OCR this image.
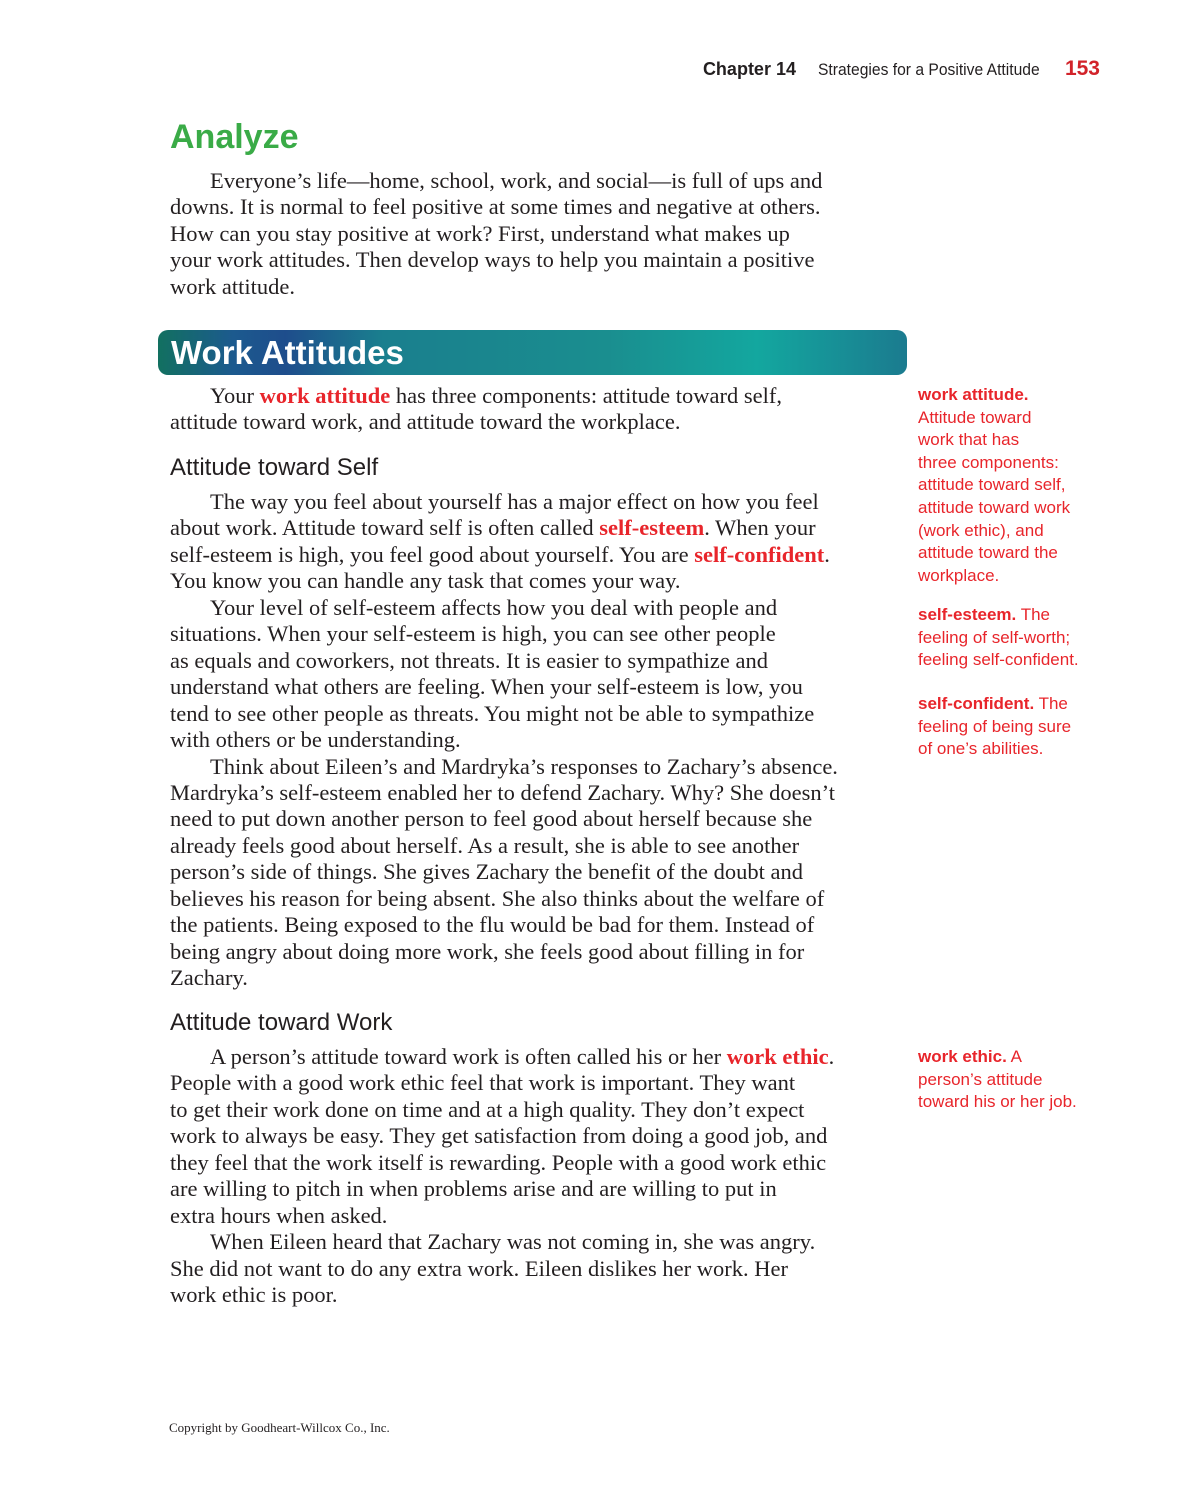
Chapter 14 Strategies for a Positive Attitude 153
Analyze
Everyone’s life—home, school, work, and social—is full of ups and
downs. It is normal to feel positive at some times and negative at others.
How can you stay positive at work? First, understand what makes up
your work attitudes. Then develop ways to help you maintain a positive
work attitude.
Work Attitudes
Your work attitude has three components: attitude toward self,
attitude toward work, and attitude toward the workplace.
Attitude toward Self
The way you feel about yourself has a major effect on how you feel
about work. Attitude toward self is often called self-esteem. When your
self-esteem is high, you feel good about yourself. You are self-confident.
You know you can handle any task that comes your way.
Your level of self-esteem affects how you deal with people and
situations. When your self-esteem is high, you can see other people
as equals and coworkers, not threats. It is easier to sympathize and
understand what others are feeling. When your self-esteem is low, you
tend to see other people as threats. You might not be able to sympathize
with others or be understanding.
Think about Eileen’s and Mardryka’s responses to Zachary’s absence.
Mardryka’s self-esteem enabled her to defend Zachary. Why? She doesn’t
need to put down another person to feel good about herself because she
already feels good about herself. As a result, she is able to see another
person’s side of things. She gives Zachary the benefit of the doubt and
believes his reason for being absent. She also thinks about the welfare of
the patients. Being exposed to the flu would be bad for them. Instead of
being angry about doing more work, she feels good about filling in for
Zachary.
Attitude toward Work
A person’s attitude toward work is often called his or her work ethic.
People with a good work ethic feel that work is important. They want
to get their work done on time and at a high quality. They don’t expect
work to always be easy. They get satisfaction from doing a good job, and
they feel that the work itself is rewarding. People with a good work ethic
are willing to pitch in when problems arise and are willing to put in
extra hours when asked.
When Eileen heard that Zachary was not coming in, she was angry.
She did not want to do any extra work. Eileen dislikes her work. Her
work ethic is poor.
work attitude.
Attitude toward
work that has
three components:
attitude toward self,
attitude toward work
(work ethic), and
attitude toward the
workplace.
self-esteem. The
feeling of self-worth;
feeling self-confident.
self-confident. The
feeling of being sure
of one’s abilities.
work ethic. A
person’s attitude
toward his or her job.
Copyright by Goodheart-Willcox Co., Inc.
